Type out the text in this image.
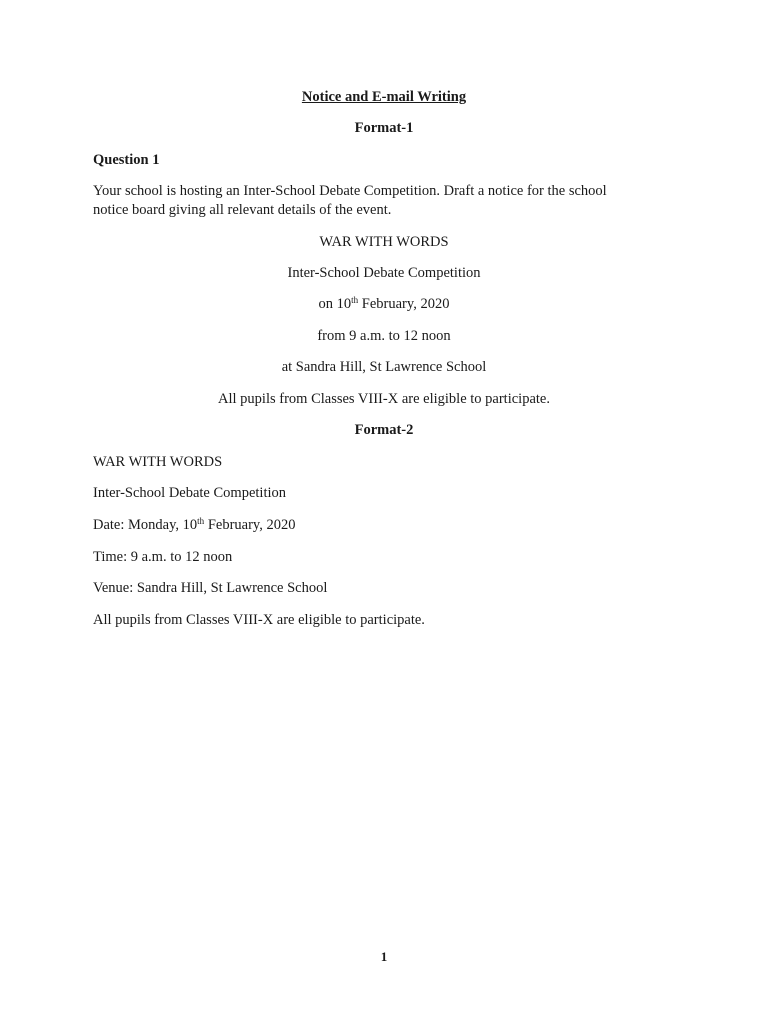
Notice and E-mail Writing
Format-1
Question 1
Your school is hosting an Inter-School Debate Competition. Draft a notice for the school
notice board giving all relevant details of the event.
WAR WITH WORDS
Inter-School Debate Competition
on 10th February, 2020
from 9 a.m. to 12 noon
at Sandra Hill, St Lawrence School
All pupils from Classes VIII-X are eligible to participate.
Format-2
WAR WITH WORDS
Inter-School Debate Competition
Date: Monday, 10th February, 2020
Time: 9 a.m. to 12 noon
Venue: Sandra Hill, St Lawrence School
All pupils from Classes VIII-X are eligible to participate.
1
